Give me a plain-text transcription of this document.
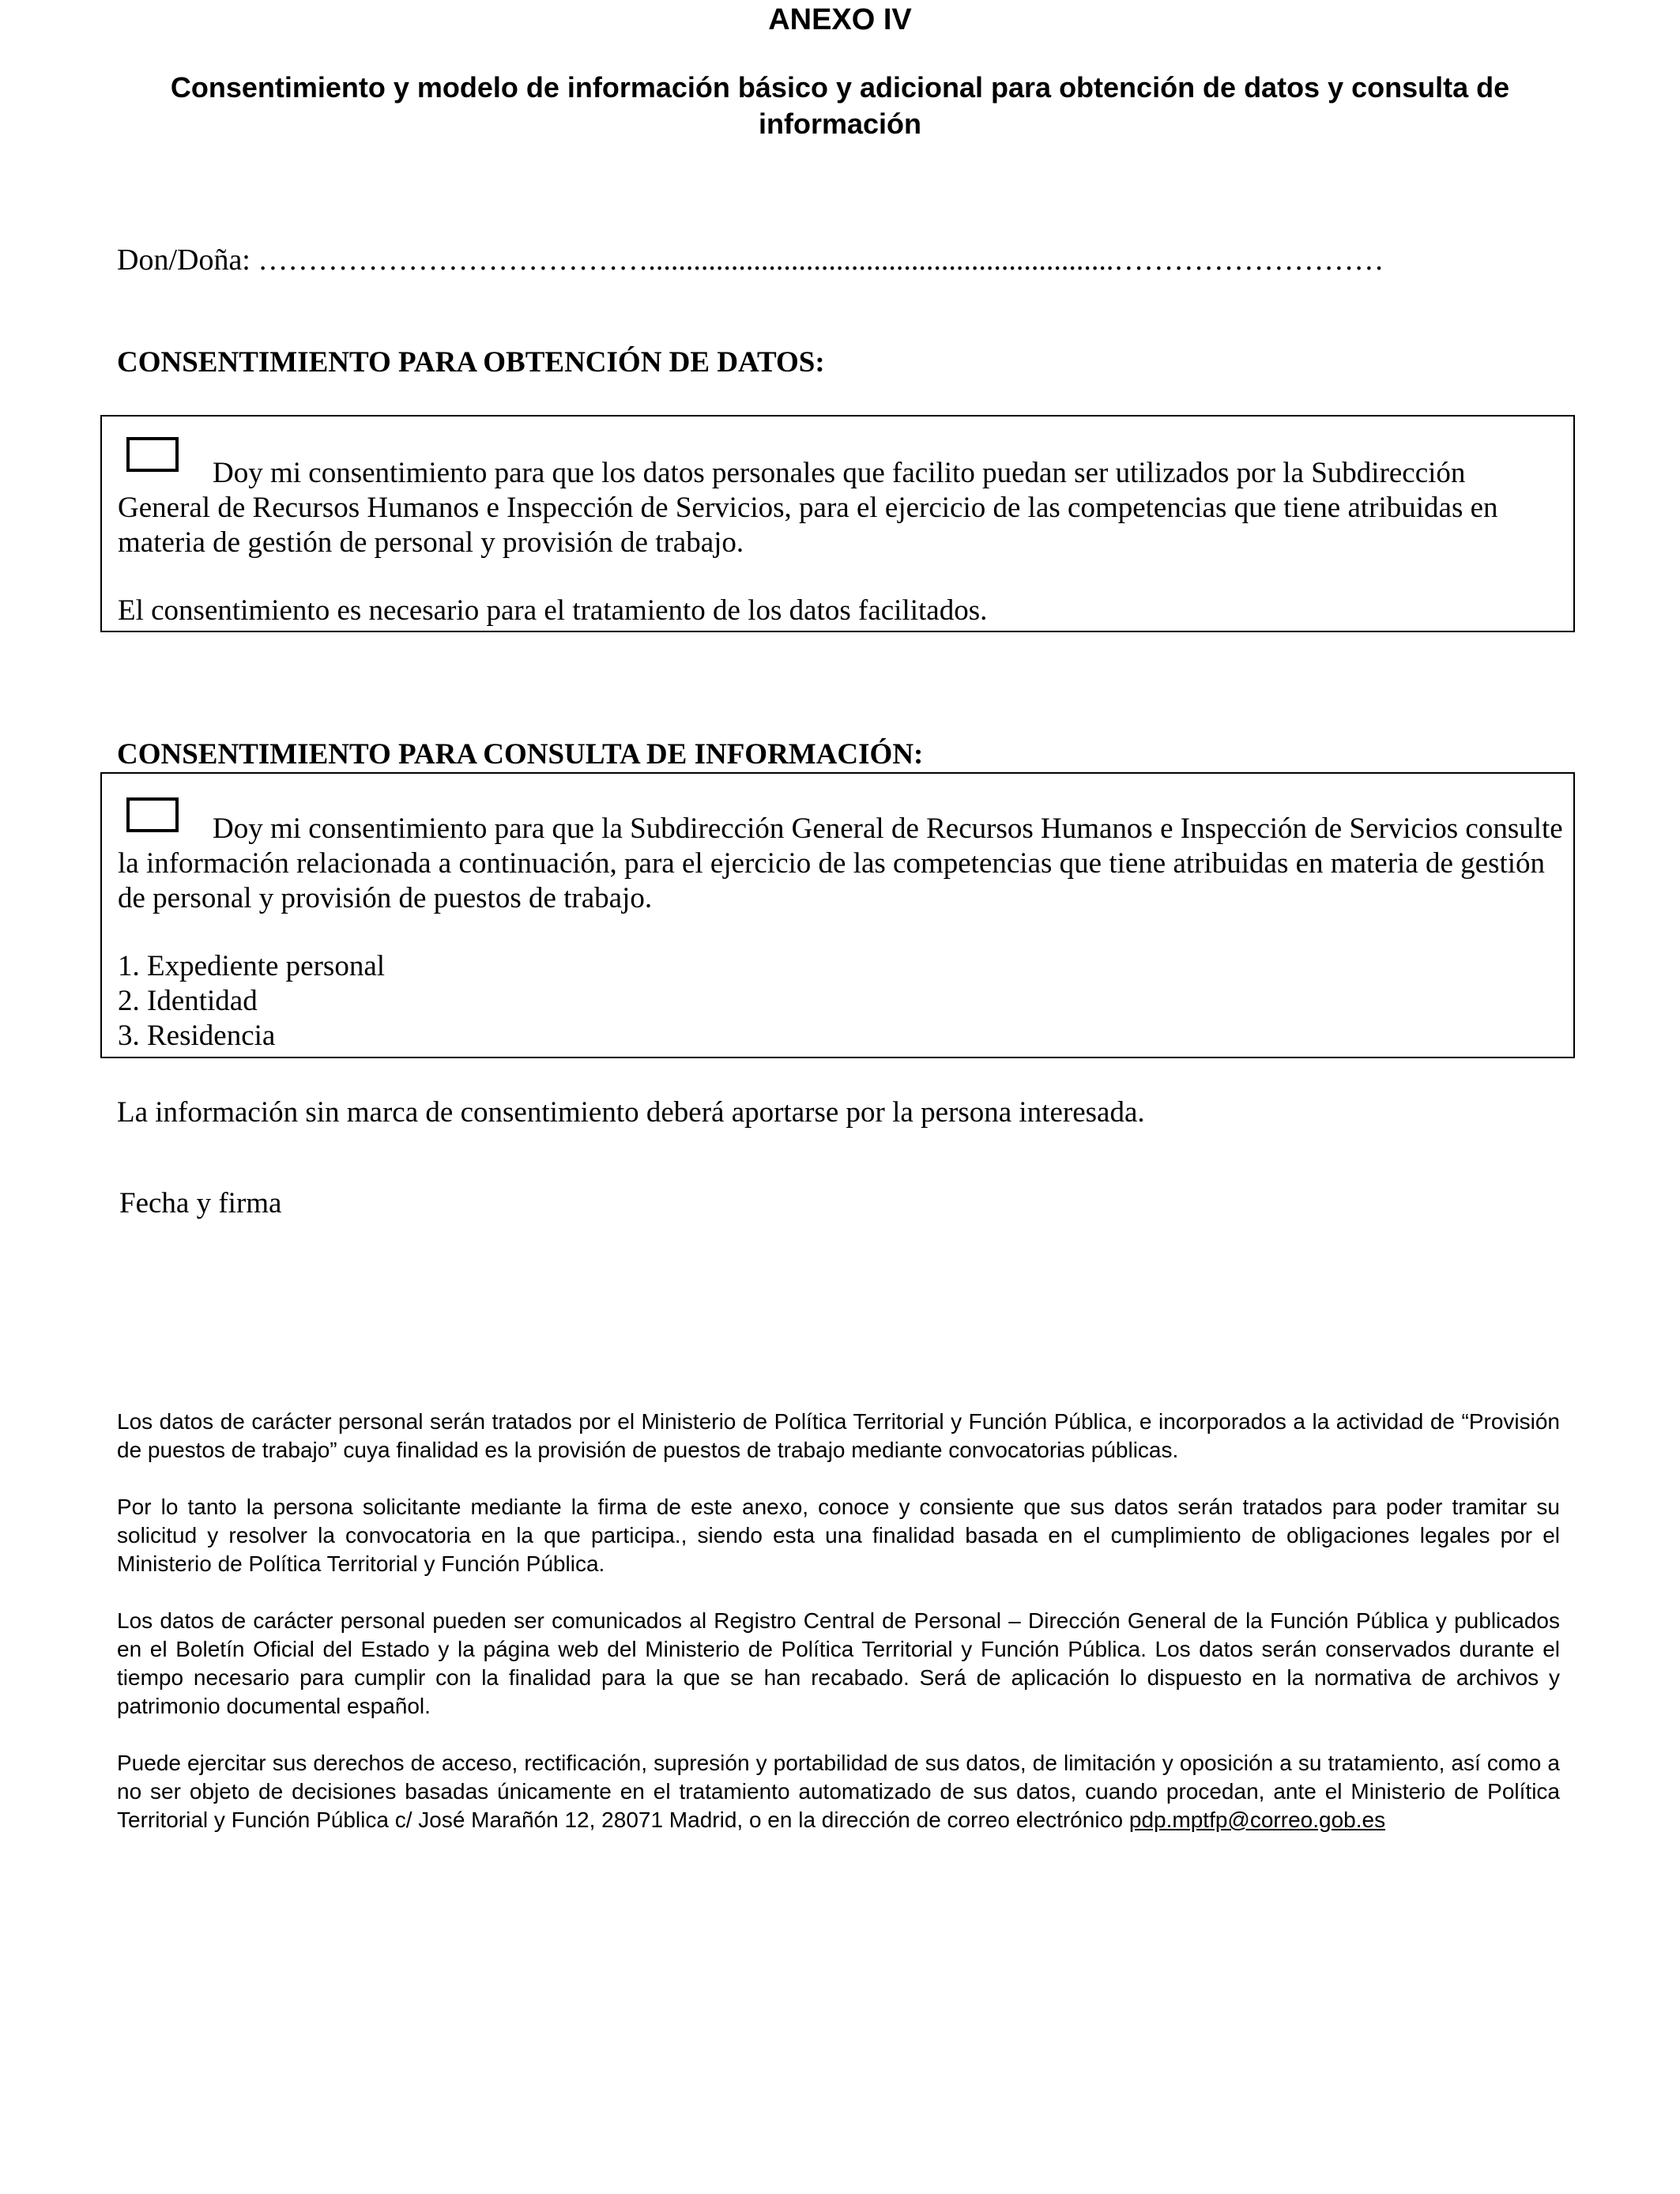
ANEXO IV
Consentimiento y modelo de información básico y adicional para obtención de datos y consulta de información
Don/Doña: …………………………………..............................................................………………………
CONSENTIMIENTO PARA OBTENCIÓN DE DATOS:
Doy mi consentimiento para que los datos personales que facilito puedan ser utilizados por la Subdirección General de Recursos Humanos e Inspección de Servicios, para el ejercicio de las competencias que tiene atribuidas en materia de gestión de personal y provisión de trabajo.
El consentimiento es necesario para el tratamiento de los datos facilitados.
CONSENTIMIENTO PARA CONSULTA DE INFORMACIÓN:
Doy mi consentimiento para que la Subdirección General de Recursos Humanos e Inspección de Servicios consulte la información relacionada a continuación, para el ejercicio de las competencias que tiene atribuidas en materia de gestión de personal y provisión de puestos de trabajo.
1. Expediente personal
2. Identidad
3. Residencia
La información sin marca de consentimiento deberá aportarse por la persona interesada.
Fecha y firma

Los datos de carácter personal serán tratados por el Ministerio de Política Territorial y Función Pública, e incorporados a la actividad de “Provisión de puestos de trabajo” cuya finalidad es la provisión de puestos de trabajo mediante convocatorias públicas.

Por lo tanto la persona solicitante mediante la firma de este anexo, conoce y consiente que sus datos serán tratados para poder tramitar su solicitud y resolver la convocatoria en la que participa., siendo esta una finalidad basada en el cumplimiento de obligaciones legales por el Ministerio de Política Territorial y Función Pública.

Los datos de carácter personal pueden ser comunicados al Registro Central de Personal – Dirección General de la Función Pública y publicados en el Boletín Oficial del Estado y la página web del Ministerio de Política Territorial y Función Pública. Los datos serán conservados durante el tiempo necesario para cumplir con la finalidad para la que se han recabado. Será de aplicación lo dispuesto en la normativa de archivos y patrimonio documental español.

Puede ejercitar sus derechos de acceso, rectificación, supresión y portabilidad de sus datos, de limitación y oposición a su tratamiento, así como a no ser objeto de decisiones basadas únicamente en el tratamiento automatizado de sus datos, cuando procedan, ante el Ministerio de Política Territorial y Función Pública c/ José Marañón 12, 28071 Madrid, o en la dirección de correo electrónico pdp.mptfp@correo.gob.es
